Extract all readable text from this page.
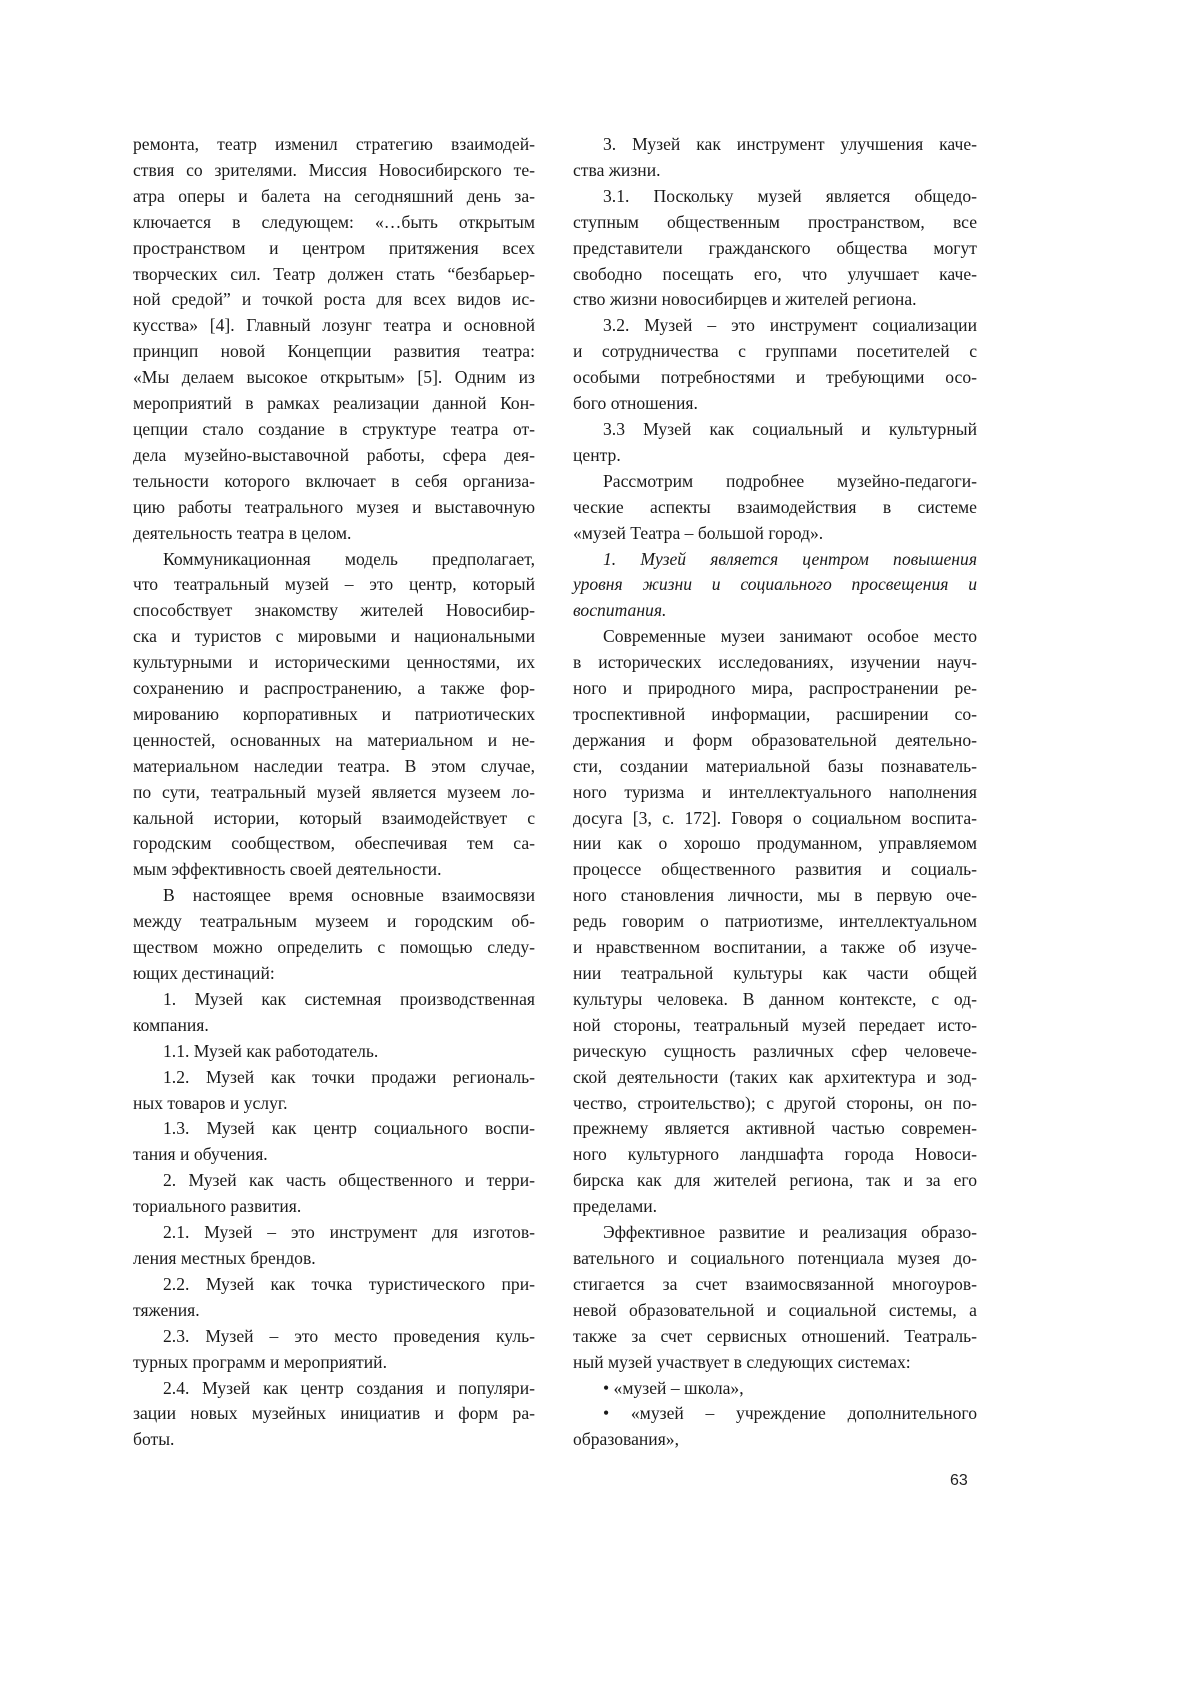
ремонта, театр изменил стратегию взаимодей-
ствия со зрителями. Миссия Новосибирского те-
атра оперы и балета на сегодняшний день за-
ключается в следующем: «…быть открытым
пространством и центром притяжения всех
творческих сил. Театр должен стать “безбарьер-
ной средой” и точкой роста для всех видов ис-
кусства» [4]. Главный лозунг театра и основной
принцип новой Концепции развития театра:
«Мы делаем высокое открытым» [5]. Одним из
мероприятий в рамках реализации данной Кон-
цепции стало создание в структуре театра от-
дела музейно-выставочной работы, сфера дея-
тельности которого включает в себя организа-
цию работы театрального музея и выставочную
деятельность театра в целом.
Коммуникационная модель предполагает,
что театральный музей – это центр, который
способствует знакомству жителей Новосибир-
ска и туристов с мировыми и национальными
культурными и историческими ценностями, их
сохранению и распространению, а также фор-
мированию корпоративных и патриотических
ценностей, основанных на материальном и не-
материальном наследии театра. В этом случае,
по сути, театральный музей является музеем ло-
кальной истории, который взаимодействует с
городским сообществом, обеспечивая тем са-
мым эффективность своей деятельности.
В настоящее время основные взаимосвязи
между театральным музеем и городским об-
ществом можно определить с помощью следу-
ющих дестинаций:
1. Музей как системная производственная
компания.
1.1. Музей как работодатель.
1.2. Музей как точки продажи региональ-
ных товаров и услуг.
1.3. Музей как центр социального воспи-
тания и обучения.
2. Музей как часть общественного и терри-
ториального развития.
2.1. Музей – это инструмент для изготов-
ления местных брендов.
2.2. Музей как точка туристического при-
тяжения.
2.3. Музей – это место проведения куль-
турных программ и мероприятий.
2.4. Музей как центр создания и популяри-
зации новых музейных инициатив и форм ра-
боты.
3. Музей как инструмент улучшения каче-
ства жизни.
3.1. Поскольку музей является общедо-
ступным общественным пространством, все
представители гражданского общества могут
свободно посещать его, что улучшает каче-
ство жизни новосибирцев и жителей региона.
3.2. Музей – это инструмент социализации
и сотрудничества с группами посетителей с
особыми потребностями и требующими осо-
бого отношения.
3.3 Музей как социальный и культурный
центр.
Рассмотрим подробнее музейно-педагоги-
ческие аспекты взаимодействия в системе
«музей Театра – большой город».
1. Музей является центром повышения
уровня жизни и социального просвещения и
воспитания.
Современные музеи занимают особое место
в исторических исследованиях, изучении науч-
ного и природного мира, распространении ре-
троспективной информации, расширении со-
держания и форм образовательной деятельно-
сти, создании материальной базы познаватель-
ного туризма и интеллектуального наполнения
досуга [3, с. 172]. Говоря о социальном воспита-
нии как о хорошо продуманном, управляемом
процессе общественного развития и социаль-
ного становления личности, мы в первую оче-
редь говорим о патриотизме, интеллектуальном
и нравственном воспитании, а также об изуче-
нии театральной культуры как части общей
культуры человека. В данном контексте, с од-
ной стороны, театральный музей передает исто-
рическую сущность различных сфер человече-
ской деятельности (таких как архитектура и зод-
чество, строительство); с другой стороны, он по-
прежнему является активной частью современ-
ного культурного ландшафта города Новоси-
бирска как для жителей региона, так и за его
пределами.
Эффективное развитие и реализация образо-
вательного и социального потенциала музея до-
стигается за счет взаимосвязанной многоуров-
невой образовательной и социальной системы, а
также за счет сервисных отношений. Театраль-
ный музей участвует в следующих системах:
• «музей – школа»,
• «музей – учреждение дополнительного
образования»,
63
